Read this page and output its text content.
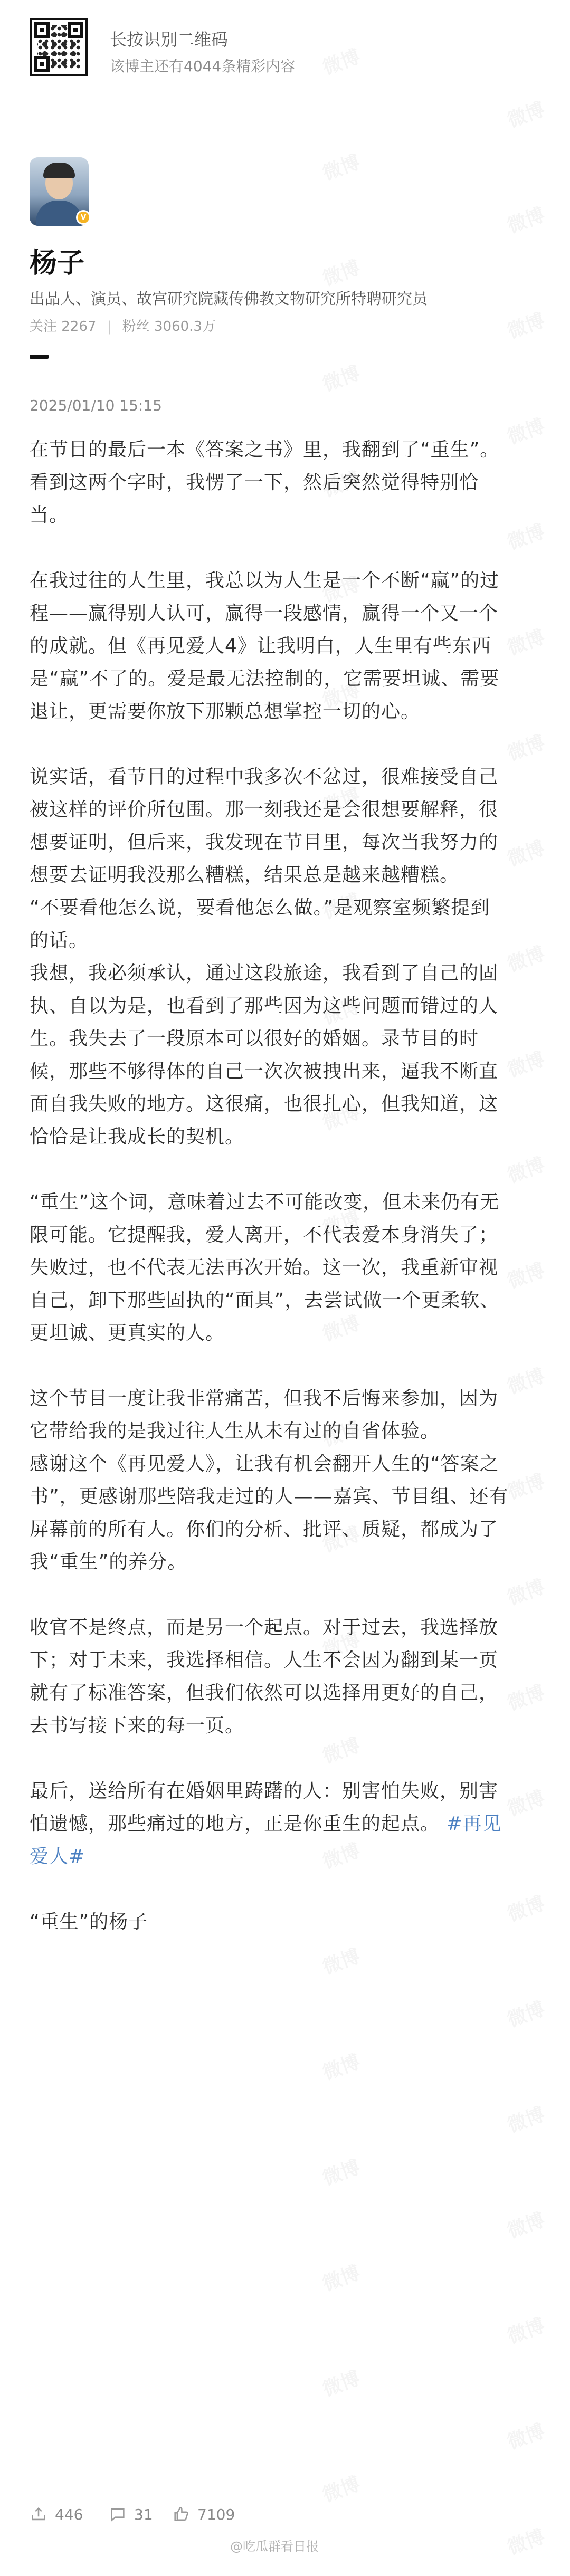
长按识别二维码
该博主还有4044条精彩内容
V
杨子
出品人、演员、故宫研究院藏传佛教文物研究所特聘研究员
关注 2267 | 粉丝 3060.3万
2025/01/10 15:15
在节目的最后一本《答案之书》里，我翻到了“重生”。
看到这两个字时，我愣了一下，然后突然觉得特别恰
当。
在我过往的人生里，我总以为人生是一个不断“赢”的过
程——赢得别人认可，赢得一段感情，赢得一个又一个
的成就。但《再见爱人4》让我明白，人生里有些东西
是“赢”不了的。爱是最无法控制的，它需要坦诚、需要
退让，更需要你放下那颗总想掌控一切的心。
说实话，看节目的过程中我多次不忿过，很难接受自己
被这样的评价所包围。那一刻我还是会很想要解释，很
想要证明，但后来，我发现在节目里，每次当我努力的
想要去证明我没那么糟糕，结果总是越来越糟糕。
“不要看他怎么说，要看他怎么做。”是观察室频繁提到
的话。
我想，我必须承认，通过这段旅途，我看到了自己的固
执、自以为是，也看到了那些因为这些问题而错过的人
生。我失去了一段原本可以很好的婚姻。录节目的时
候，那些不够得体的自己一次次被拽出来，逼我不断直
面自我失败的地方。这很痛，也很扎心，但我知道，这
恰恰是让我成长的契机。
“重生”这个词，意味着过去不可能改变，但未来仍有无
限可能。它提醒我，爱人离开，不代表爱本身消失了；
失败过，也不代表无法再次开始。这一次，我重新审视
自己，卸下那些固执的“面具”，去尝试做一个更柔软、
更坦诚、更真实的人。
这个节目一度让我非常痛苦，但我不后悔来参加，因为
它带给我的是我过往人生从未有过的自省体验。
感谢这个《再见爱人》，让我有机会翻开人生的“答案之
书”，更感谢那些陪我走过的人——嘉宾、节目组、还有
屏幕前的所有人。你们的分析、批评、质疑，都成为了
我“重生”的养分。
收官不是终点，而是另一个起点。对于过去，我选择放
下；对于未来，我选择相信。人生不会因为翻到某一页
就有了标准答案，但我们依然可以选择用更好的自己，
去书写接下来的每一页。
最后，送给所有在婚姻里踌躇的人：别害怕失败，别害
怕遗憾，那些痛过的地方，正是你重生的起点。 #再见
爱人#
“重生”的杨子
446	31	7109
@吃瓜群看日报
